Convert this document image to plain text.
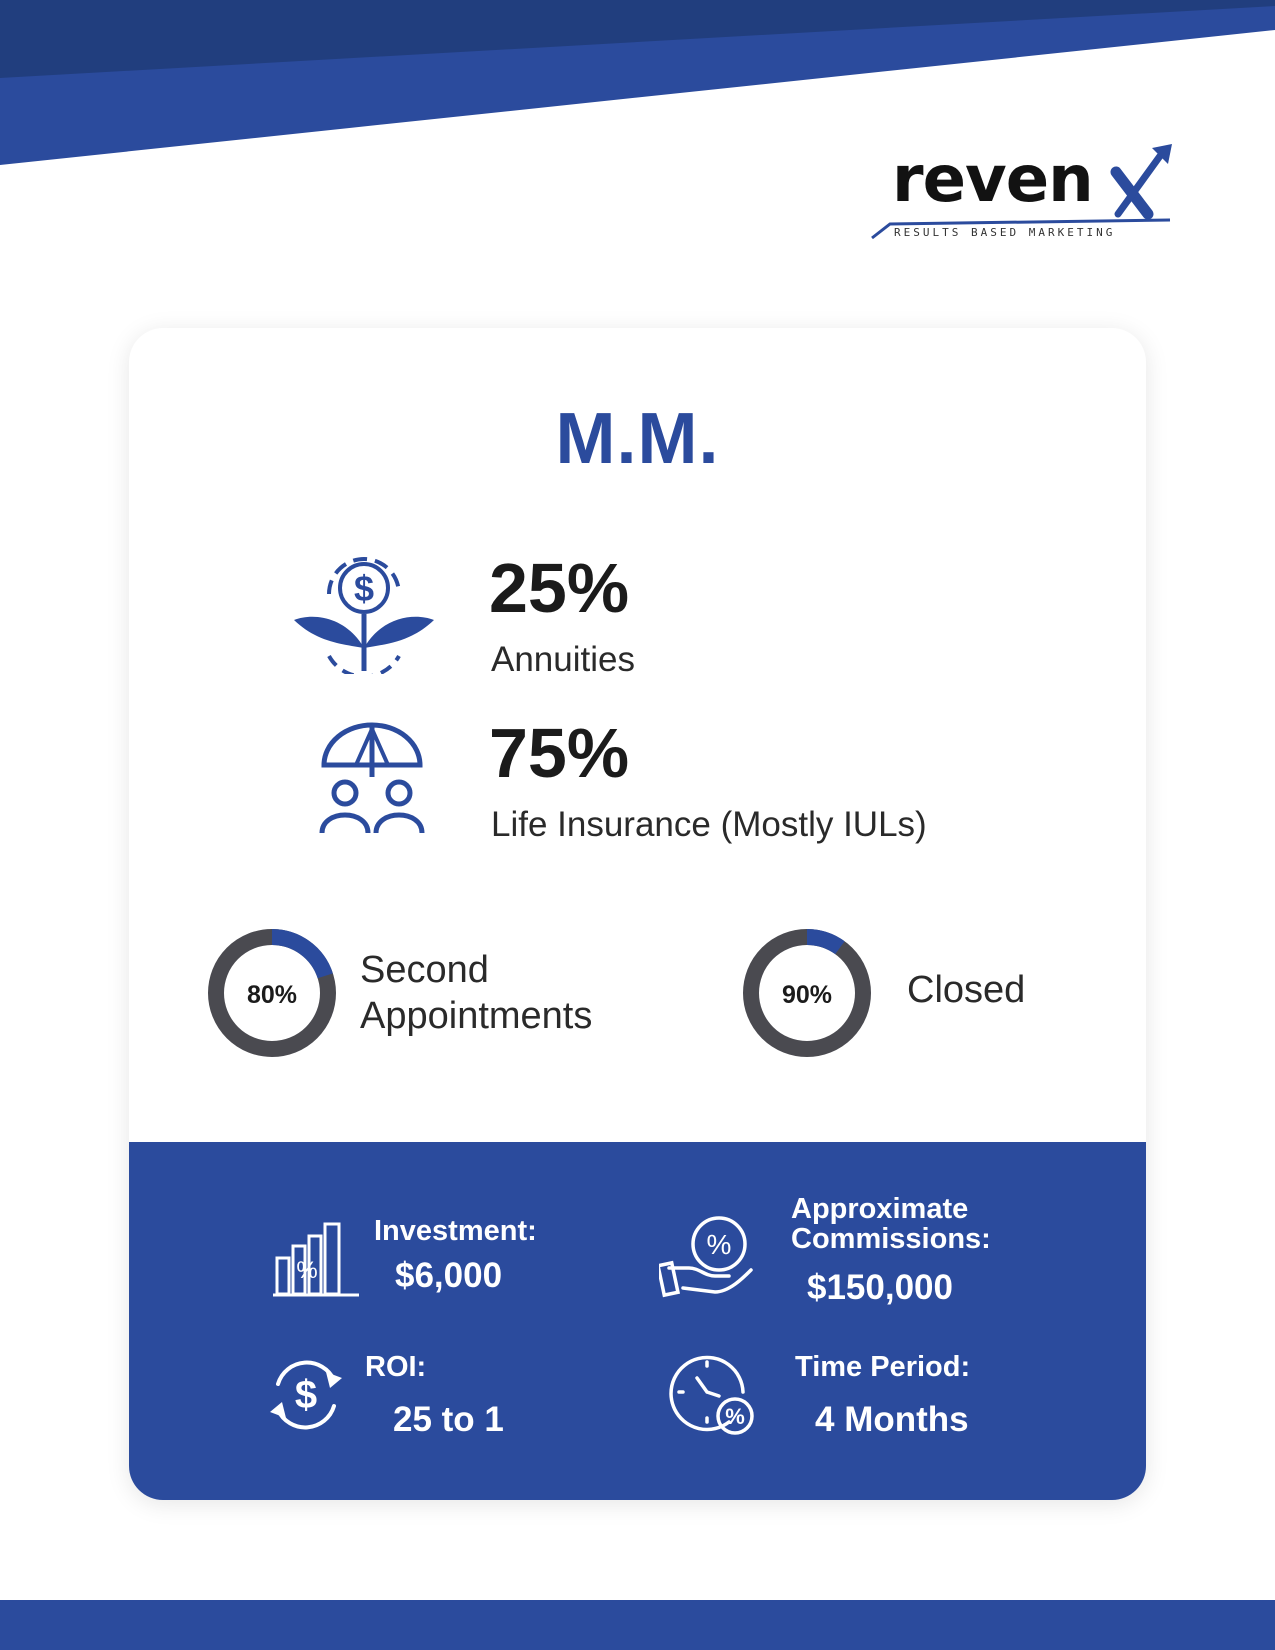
reven
RESULTS BASED MARKETING
M.M.
$ 25%
Annuities
75%
Life Insurance (Mostly IULs)
80%
Second
Appointments	90% Closed
%
Investment:
$6,000
%
Approximate
Commissions:
$150,000
$
ROI:
25 to 1	%
Time Period:
4 Months
